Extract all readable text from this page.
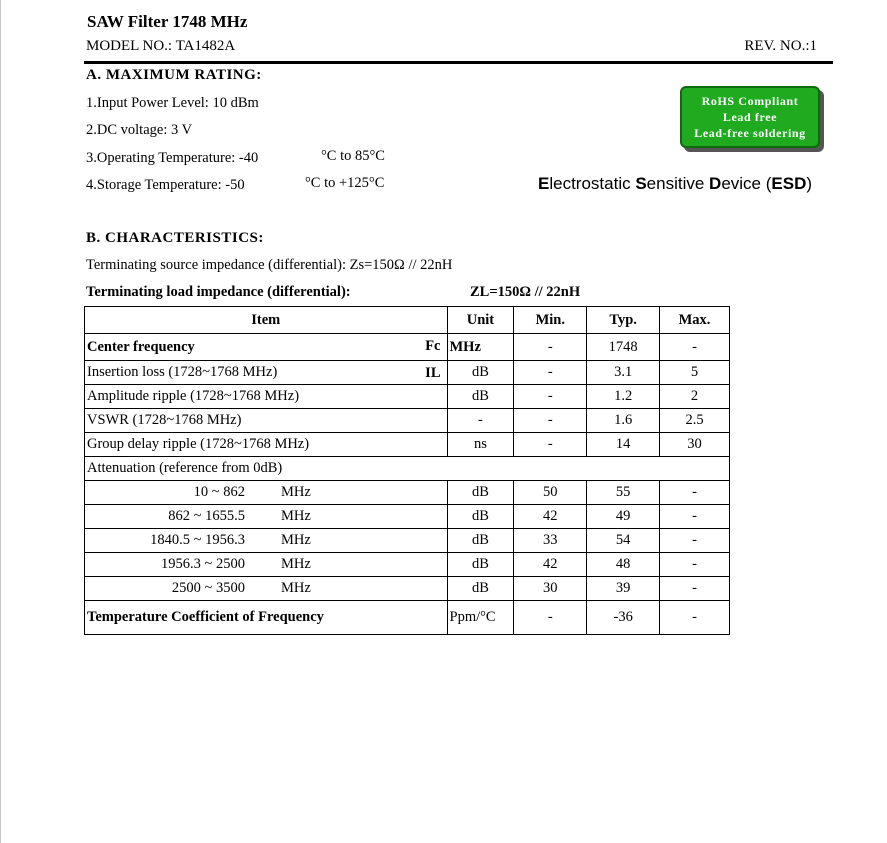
SAW Filter 1748 MHz
MODEL NO.: TA1482A	REV. NO.:1
A. MAXIMUM RATING:
1.Input Power Level: 10 dBm
2.DC voltage: 3 V
3.Operating Temperature: -40	°C to 85°C
4.Storage Temperature: -50	°C to +125°C
RoHS Compliant
Lead free
Lead-free soldering
Electrostatic Sensitive Device (ESD)
B. CHARACTERISTICS:
Terminating source impedance (differential): Zs=150Ω // 22nH
Terminating load impedance (differential):	ZL=150Ω // 22nH
Item	Unit	Min.	Typ.	Max.
Center frequency Fc	MHz	-	1748	-
Insertion loss (1728~1768 MHz) IL	dB	-	3.1	5
Amplitude ripple (1728~1768 MHz)	dB	-	1.2	2
VSWR (1728~1768 MHz)	-	-	1.6	2.5
Group delay ripple (1728~1768 MHz)	ns	-	14	30
Attenuation (reference from 0dB)				

10 ~ 862 MHz	dB	50	55	-

862 ~ 1655.5 MHz	dB	42	49	-

1840.5 ~ 1956.3 MHz	dB	33	54	-

1956.3 ~ 2500 MHz	dB	42	48	-

2500 ~ 3500 MHz	dB	30	39	-
Temperature Coefficient of Frequency	Ppm/°C	-	-36	-
